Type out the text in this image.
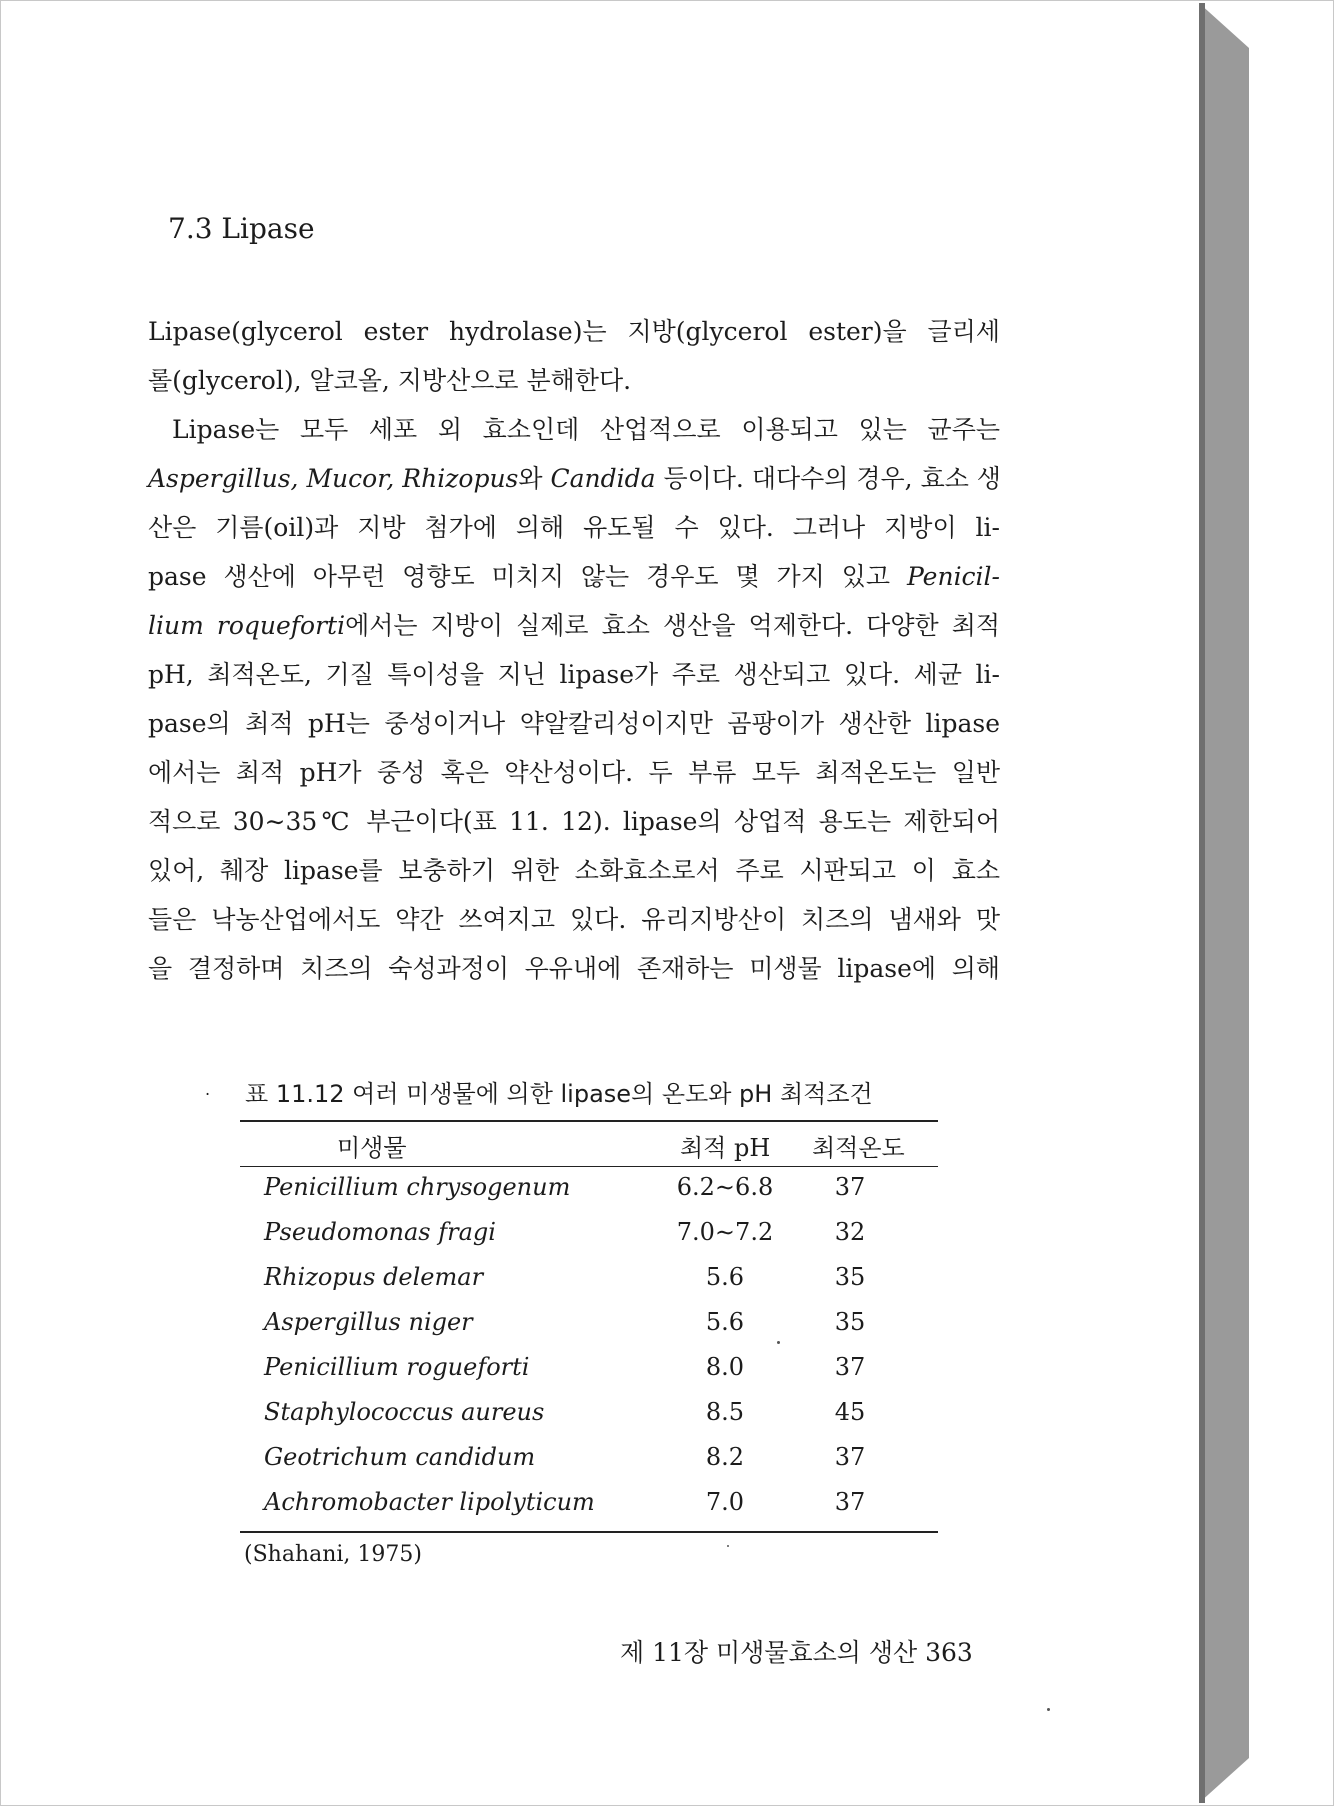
7.3 Lipase
Lipase(glycerol ester hydrolase)는 지방(glycerol ester)을 글리세
롤(glycerol), 알코올, 지방산으로 분해한다.
Lipase는 모두 세포 외 효소인데 산업적으로 이용되고 있는 균주는
Aspergillus, Mucor, Rhizopus와 Candida 등이다. 대다수의 경우, 효소 생
산은 기름(oil)과 지방 첨가에 의해 유도될 수 있다. 그러나 지방이 li-
pase 생산에 아무런 영향도 미치지 않는 경우도 몇 가지 있고 Penicil-
lium roqueforti에서는 지방이 실제로 효소 생산을 억제한다. 다양한 최적
pH, 최적온도, 기질 특이성을 지닌 lipase가 주로 생산되고 있다. 세균 li-
pase의 최적 pH는 중성이거나 약알칼리성이지만 곰팡이가 생산한 lipase
에서는 최적 pH가 중성 혹은 약산성이다. 두 부류 모두 최적온도는 일반
적으로 30∼35℃ 부근이다(표 11. 12). lipase의 상업적 용도는 제한되어
있어, 췌장 lipase를 보충하기 위한 소화효소로서 주로 시판되고 이 효소
들은 낙농산업에서도 약간 쓰여지고 있다. 유리지방산이 치즈의 냄새와 맛
을 결정하며 치즈의 숙성과정이 우유내에 존재하는 미생물 lipase에 의해
. 표 11.12 여러 미생물에 의한 lipase의 온도와 pH 최적조건
미생물	최적 pH 최적온도
Penicillium chrysogenum	6.2∼6.8	37
Pseudomonas fragi	7.0∼7.2	32
Rhizopus delemar	5.6	35
Aspergillus niger	5.6	35
Penicillium rogueforti	8.0	37
Staphylococcus aureus	8.5	45
Geotrichum candidum	8.2	37
Achromobacter lipolyticum	7.0	37
(Shahani, 1975)
제 11장 미생물효소의 생산 363
